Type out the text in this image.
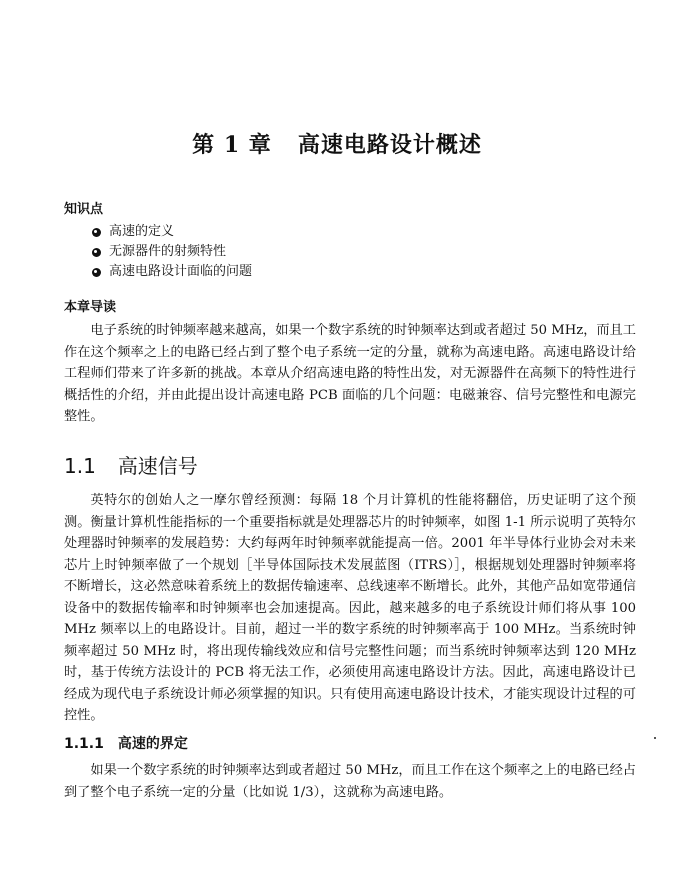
第 1 章 高速电路设计概述
知识点
高速的定义
无源器件的射频特性
高速电路设计面临的问题
本章导读

电子系统的时钟频率越来越高，如果一个数字系统的时钟频率达到或者超过 50 MHz，而且工作在这个频率之上的电路已经占到了整个电子系统一定的分量，就称为高速电路。高速电路设计给工程师们带来了许多新的挑战。本章从介绍高速电路的特性出发，对无源器件在高频下的特性进行概括性的介绍，并由此提出设计高速电路 PCB 面临的几个问题：电磁兼容、信号完整性和电源完整性。

1.1 高速信号

英特尔的创始人之一摩尔曾经预测：每隔 18 个月计算机的性能将翻倍，历史证明了这个预测。衡量计算机性能指标的一个重要指标就是处理器芯片的时钟频率，如图 1-1 所示说明了英特尔处理器时钟频率的发展趋势：大约每两年时钟频率就能提高一倍。2001 年半导体行业协会对未来芯片上时钟频率做了一个规划［半导体国际技术发展蓝图（ITRS）］，根据规划处理器时钟频率将不断增长，这必然意味着系统上的数据传输速率、总线速率不断增长。此外，其他产品如宽带通信设备中的数据传输率和时钟频率也会加速提高。因此，越来越多的电子系统设计师们将从事 100 MHz 频率以上的电路设计。目前，超过一半的数字系统的时钟频率高于 100 MHz。当系统时钟频率超过 50 MHz 时，将出现传输线效应和信号完整性问题；而当系统时钟频率达到 120 MHz 时，基于传统方法设计的 PCB 将无法工作，必须使用高速电路设计方法。因此，高速电路设计已经成为现代电子系统设计师必须掌握的知识。只有使用高速电路设计技术，才能实现设计过程的可控性。

1.1.1 高速的界定

如果一个数字系统的时钟频率达到或者超过 50 MHz，而且工作在这个频率之上的电路已经占到了整个电子系统一定的分量（比如说 1/3），这就称为高速电路。
